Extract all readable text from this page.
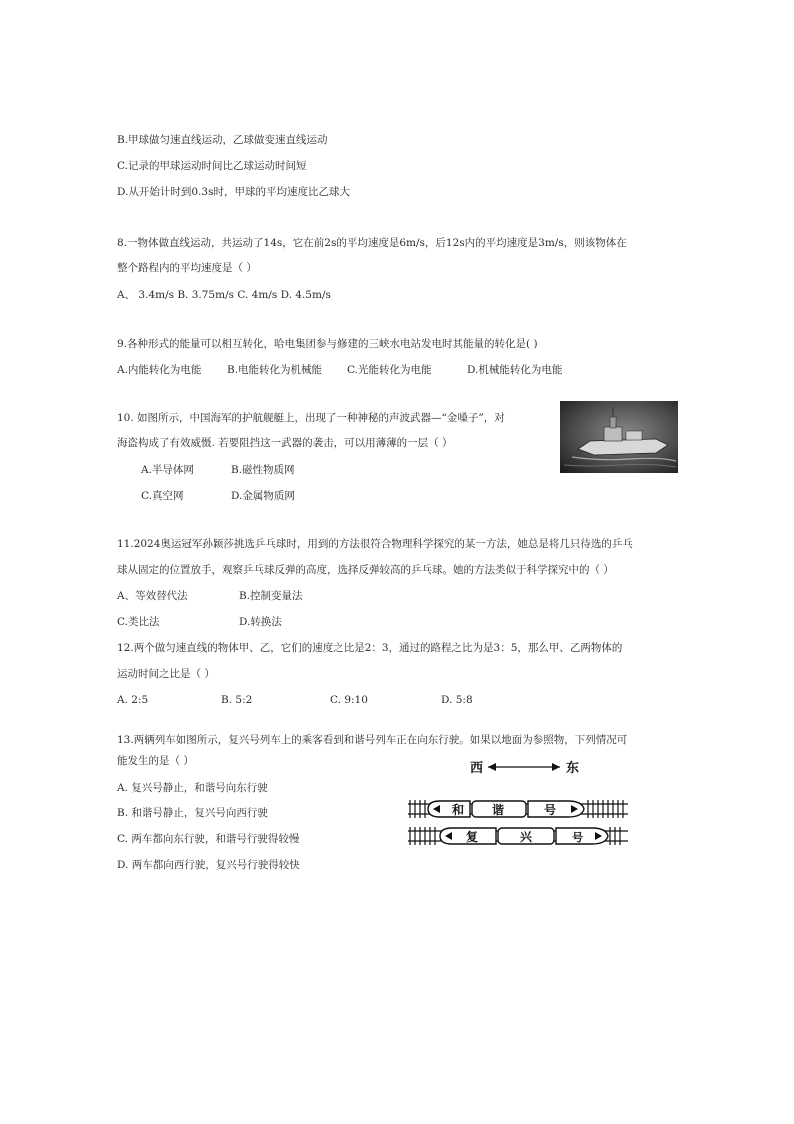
B.甲球做匀速直线运动，乙球做变速直线运动
C.记录的甲球运动时间比乙球运动时间短
D.从开始计时到0.3s时，甲球的平均速度比乙球大
8.一物体做直线运动，共运动了14s，它在前2s的平均速度是6m/s，后12s内的平均速度是3m/s，则该物体在
整个路程内的平均速度是（ ）
A、 3.4m/s B. 3.75m/s C. 4m/s D. 4.5m/s
9.各种形式的能量可以相互转化，哈电集团参与修建的三峡水电站发电时其能量的转化是( )
A.内能转化为电能 B.电能转化为机械能 C.光能转化为电能	D.机械能转化为电能
10. 如图所示，中国海军的护航舰艇上，出现了一种神秘的声波武器—“金嗓子”，对
海盗构成了有效威慑. 若要阻挡这一武器的袭击，可以用薄薄的一层（ ）
A.半导体网	B.磁性物质网
C.真空网	D.金属物质网
11.2024奥运冠军孙颖莎挑选乒乓球时，用到的方法很符合物理科学探究的某一方法，她总是将几只待选的乒乓
球从固定的位置放手，观察乒乓球反弹的高度，选择反弹较高的乒乓球。她的方法类似于科学探究中的（ ）
A、等效替代法	B.控制变量法
C.类比法	D.转换法
12.两个做匀速直线的物体甲、乙，它们的速度之比是2：3，通过的路程之比为是3：5，那么甲、乙两物体的
运动时间之比是（ ）
A. 2:5	B. 5:2	C. 9:10	D. 5:8
13.两辆列车如图所示，复兴号列车上的乘客看到和谐号列车正在向东行驶。如果以地面为参照物，下列情况可
能发生的是（ ）
A. 复兴号静止，和谐号向东行驶
B. 和谐号静止，复兴号向西行驶
C. 两车都向东行驶，和谐号行驶得较慢
D. 两车都向西行驶，复兴号行驶得较快
西	东
和 谐	号
复	兴	号
